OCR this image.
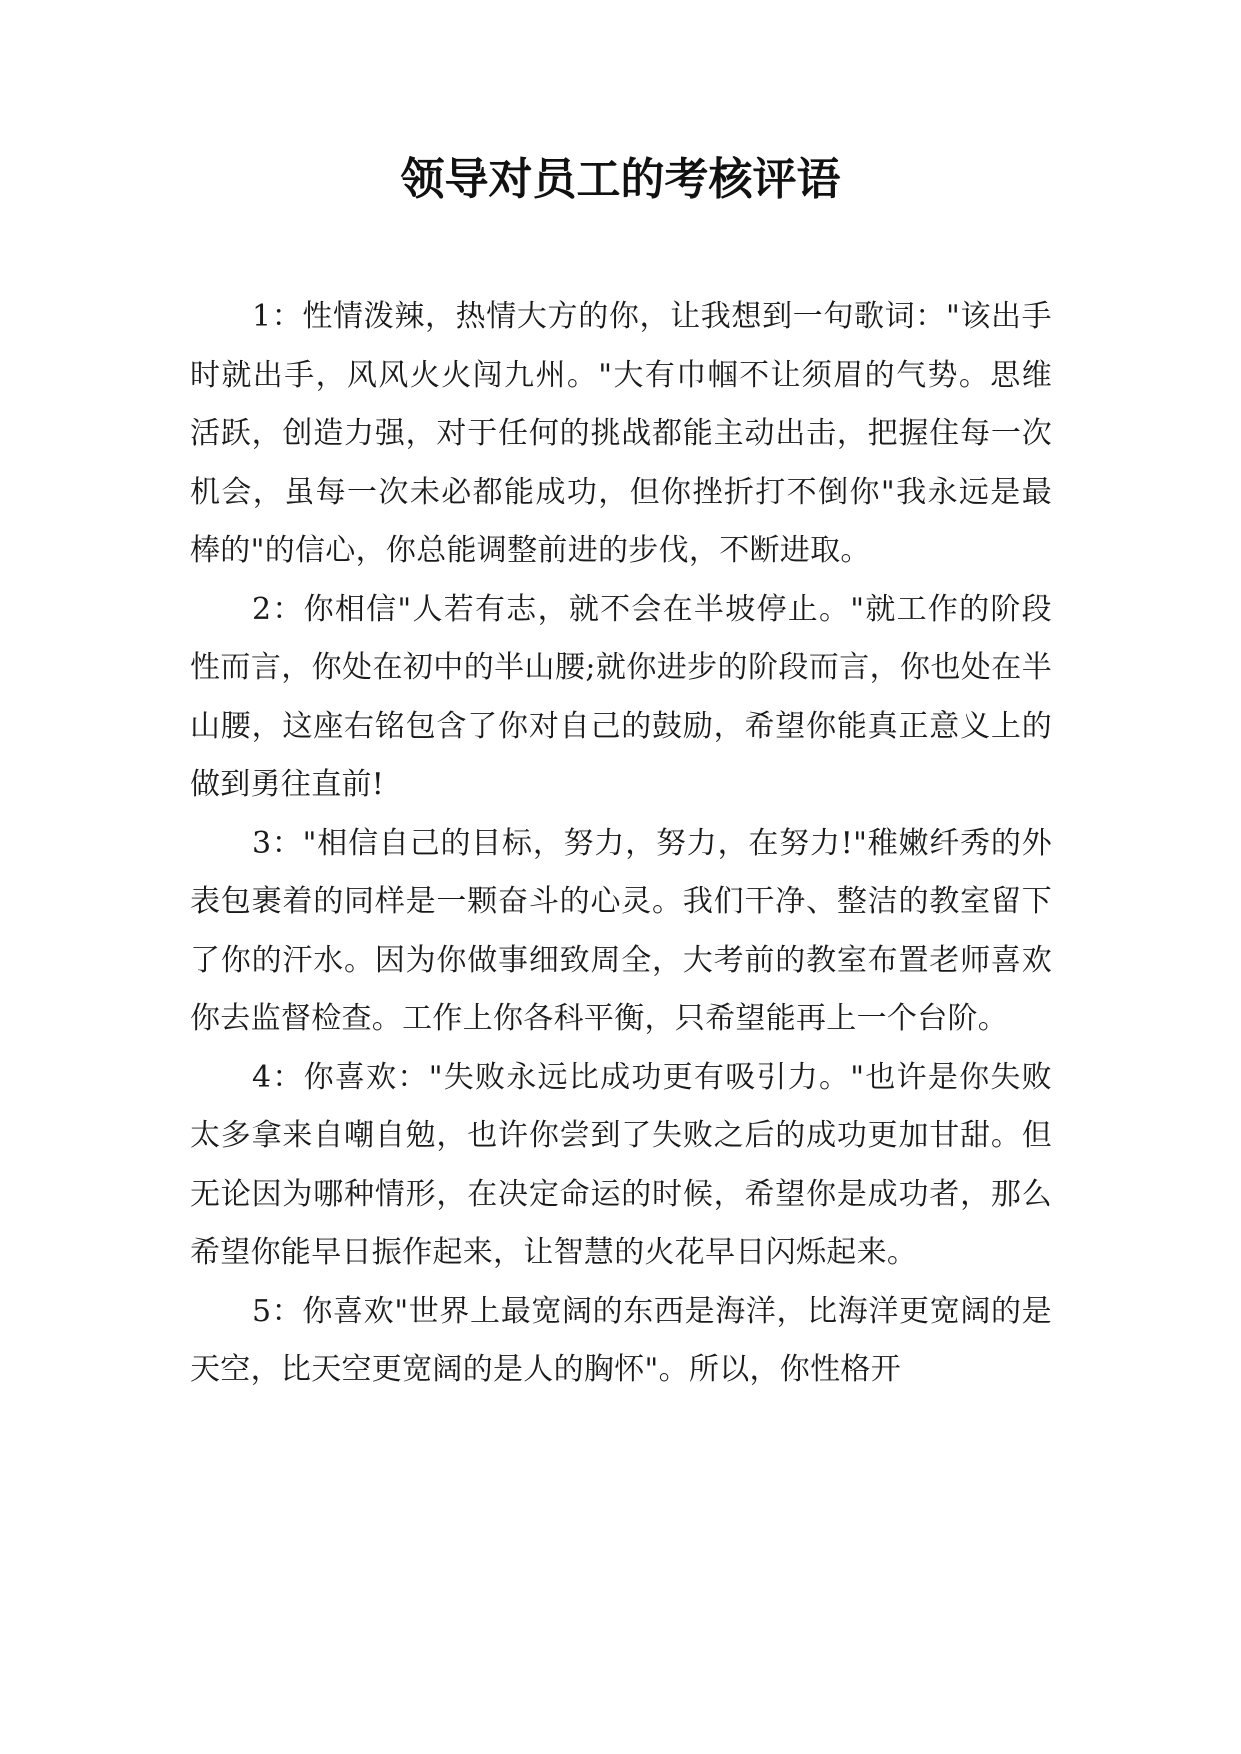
领导对员工的考核评语

1：性情泼辣，热情大方的你，让我想到一句歌词："该出手时就出手，风风火火闯九州。"大有巾帼不让须眉的气势。思维活跃，创造力强，对于任何的挑战都能主动出击，把握住每一次机会，虽每一次未必都能成功，但你挫折打不倒你"我永远是最棒的"的信心，你总能调整前进的步伐，不断进取。

2：你相信"人若有志，就不会在半坡停止。"就工作的阶段性而言，你处在初中的半山腰;就你进步的阶段而言，你也处在半山腰，这座右铭包含了你对自己的鼓励，希望你能真正意义上的做到勇往直前!

3："相信自己的目标，努力，努力，在努力!"稚嫩纤秀的外表包裹着的同样是一颗奋斗的心灵。我们干净、整洁的教室留下了你的汗水。因为你做事细致周全，大考前的教室布置老师喜欢你去监督检查。工作上你各科平衡，只希望能再上一个台阶。

4：你喜欢："失败永远比成功更有吸引力。"也许是你失败太多拿来自嘲自勉，也许你尝到了失败之后的成功更加甘甜。但无论因为哪种情形，在决定命运的时候，希望你是成功者，那么希望你能早日振作起来，让智慧的火花早日闪烁起来。

5：你喜欢"世界上最宽阔的东西是海洋，比海洋更宽阔的是天空，比天空更宽阔的是人的胸怀"。所以，你性格开
